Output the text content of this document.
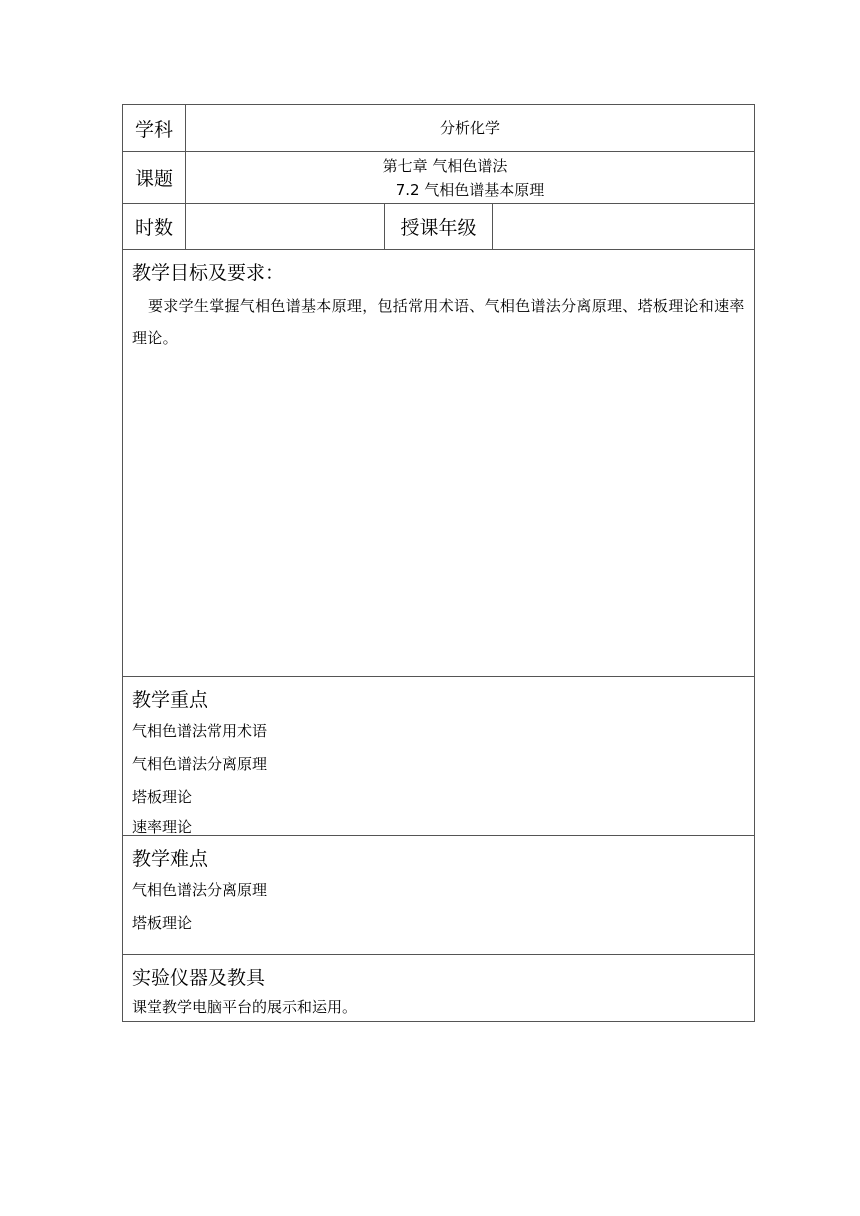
学科	分析化学
课题
第七章 气相色谱法
7.2 气相色谱基本原理
时数	授课年级

教学目标及要求：

要求学生掌握气相色谱基本原理，包括常用术语、气相色谱法分离原理、塔板理论和速率理论。

教学重点

气相色谱法常用术语

气相色谱法分离原理

塔板理论

速率理论

教学难点

气相色谱法分离原理

塔板理论

实验仪器及教具

课堂教学电脑平台的展示和运用。
